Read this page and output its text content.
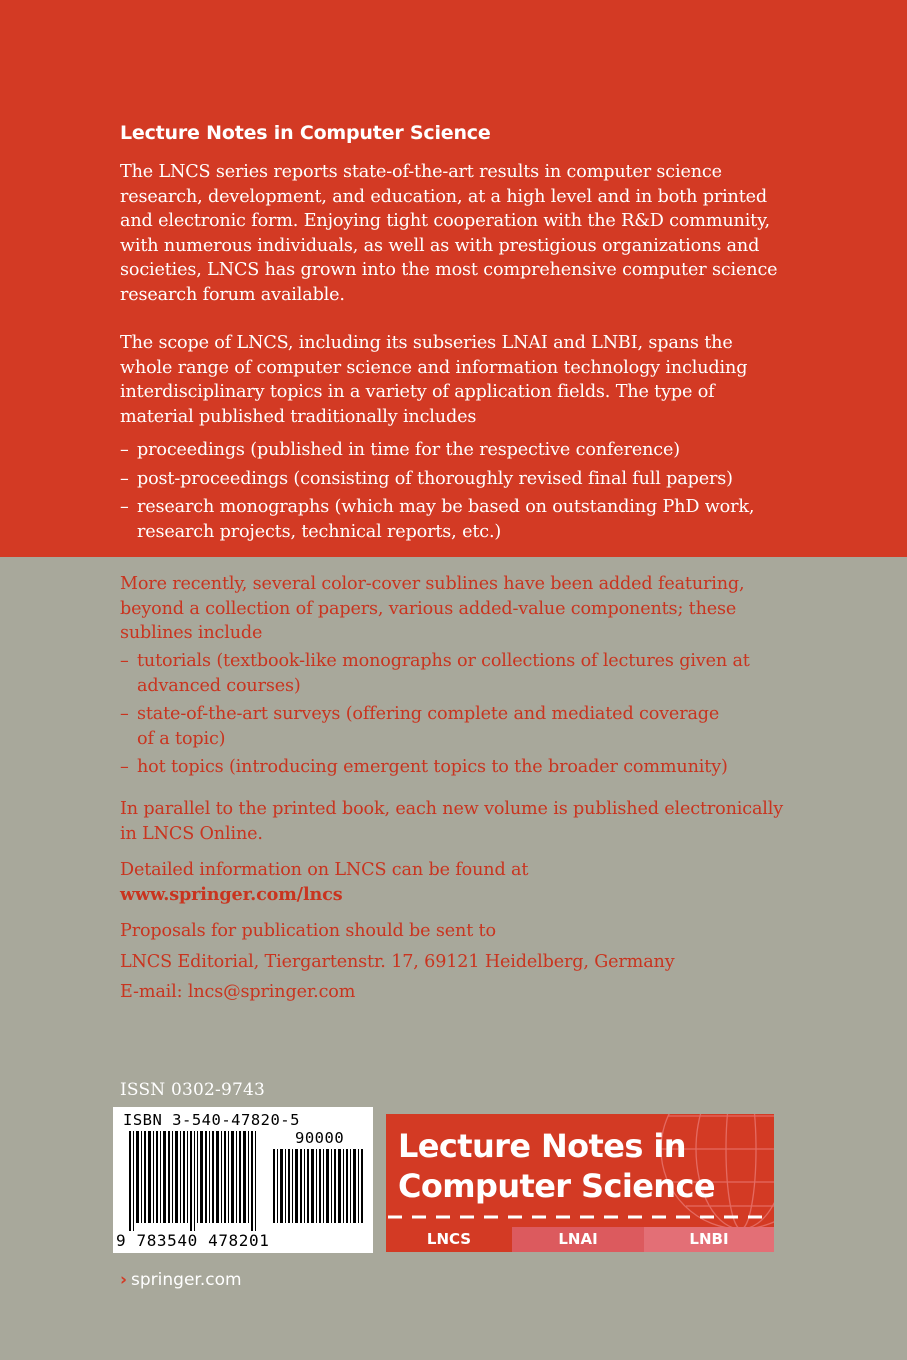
Lecture Notes in Computer Science

The LNCS series reports state-of-the-art results in computer science
research, development, and education, at a high level and in both printed
and electronic form. Enjoying tight cooperation with the R&D community,
with numerous individuals, as well as with prestigious organizations and
societies, LNCS has grown into the most comprehensive computer science
research forum available.

The scope of LNCS, including its subseries LNAI and LNBI, spans the
whole range of computer science and information technology including
interdisciplinary topics in a variety of application fields. The type of
material published traditionally includes

– proceedings (published in time for the respective conference)
– post-proceedings (consisting of thoroughly revised final full papers)
– research monographs (which may be based on outstanding PhD work,
research projects, technical reports, etc.)

More recently, several color-cover sublines have been added featuring,
beyond a collection of papers, various added-value components; these
sublines include

– tutorials (textbook-like monographs or collections of lectures given at
advanced courses)
– state-of-the-art surveys (offering complete and mediated coverage
of a topic)
– hot topics (introducing emergent topics to the broader community)

In parallel to the printed book, each new volume is published electronically
in LNCS Online.

Detailed information on LNCS can be found at
www.springer.com/lncs

Proposals for publication should be sent to

LNCS Editorial, Tiergartenstr. 17, 69121 Heidelberg, Germany

E-mail: lncs@springer.com

ISSN 0302-9743
ISBN 3-540-47820-5
90000
9 783540 478201
Lecture Notes in
Computer Science
LNCS	LNAI	LNBI
› springer.com
